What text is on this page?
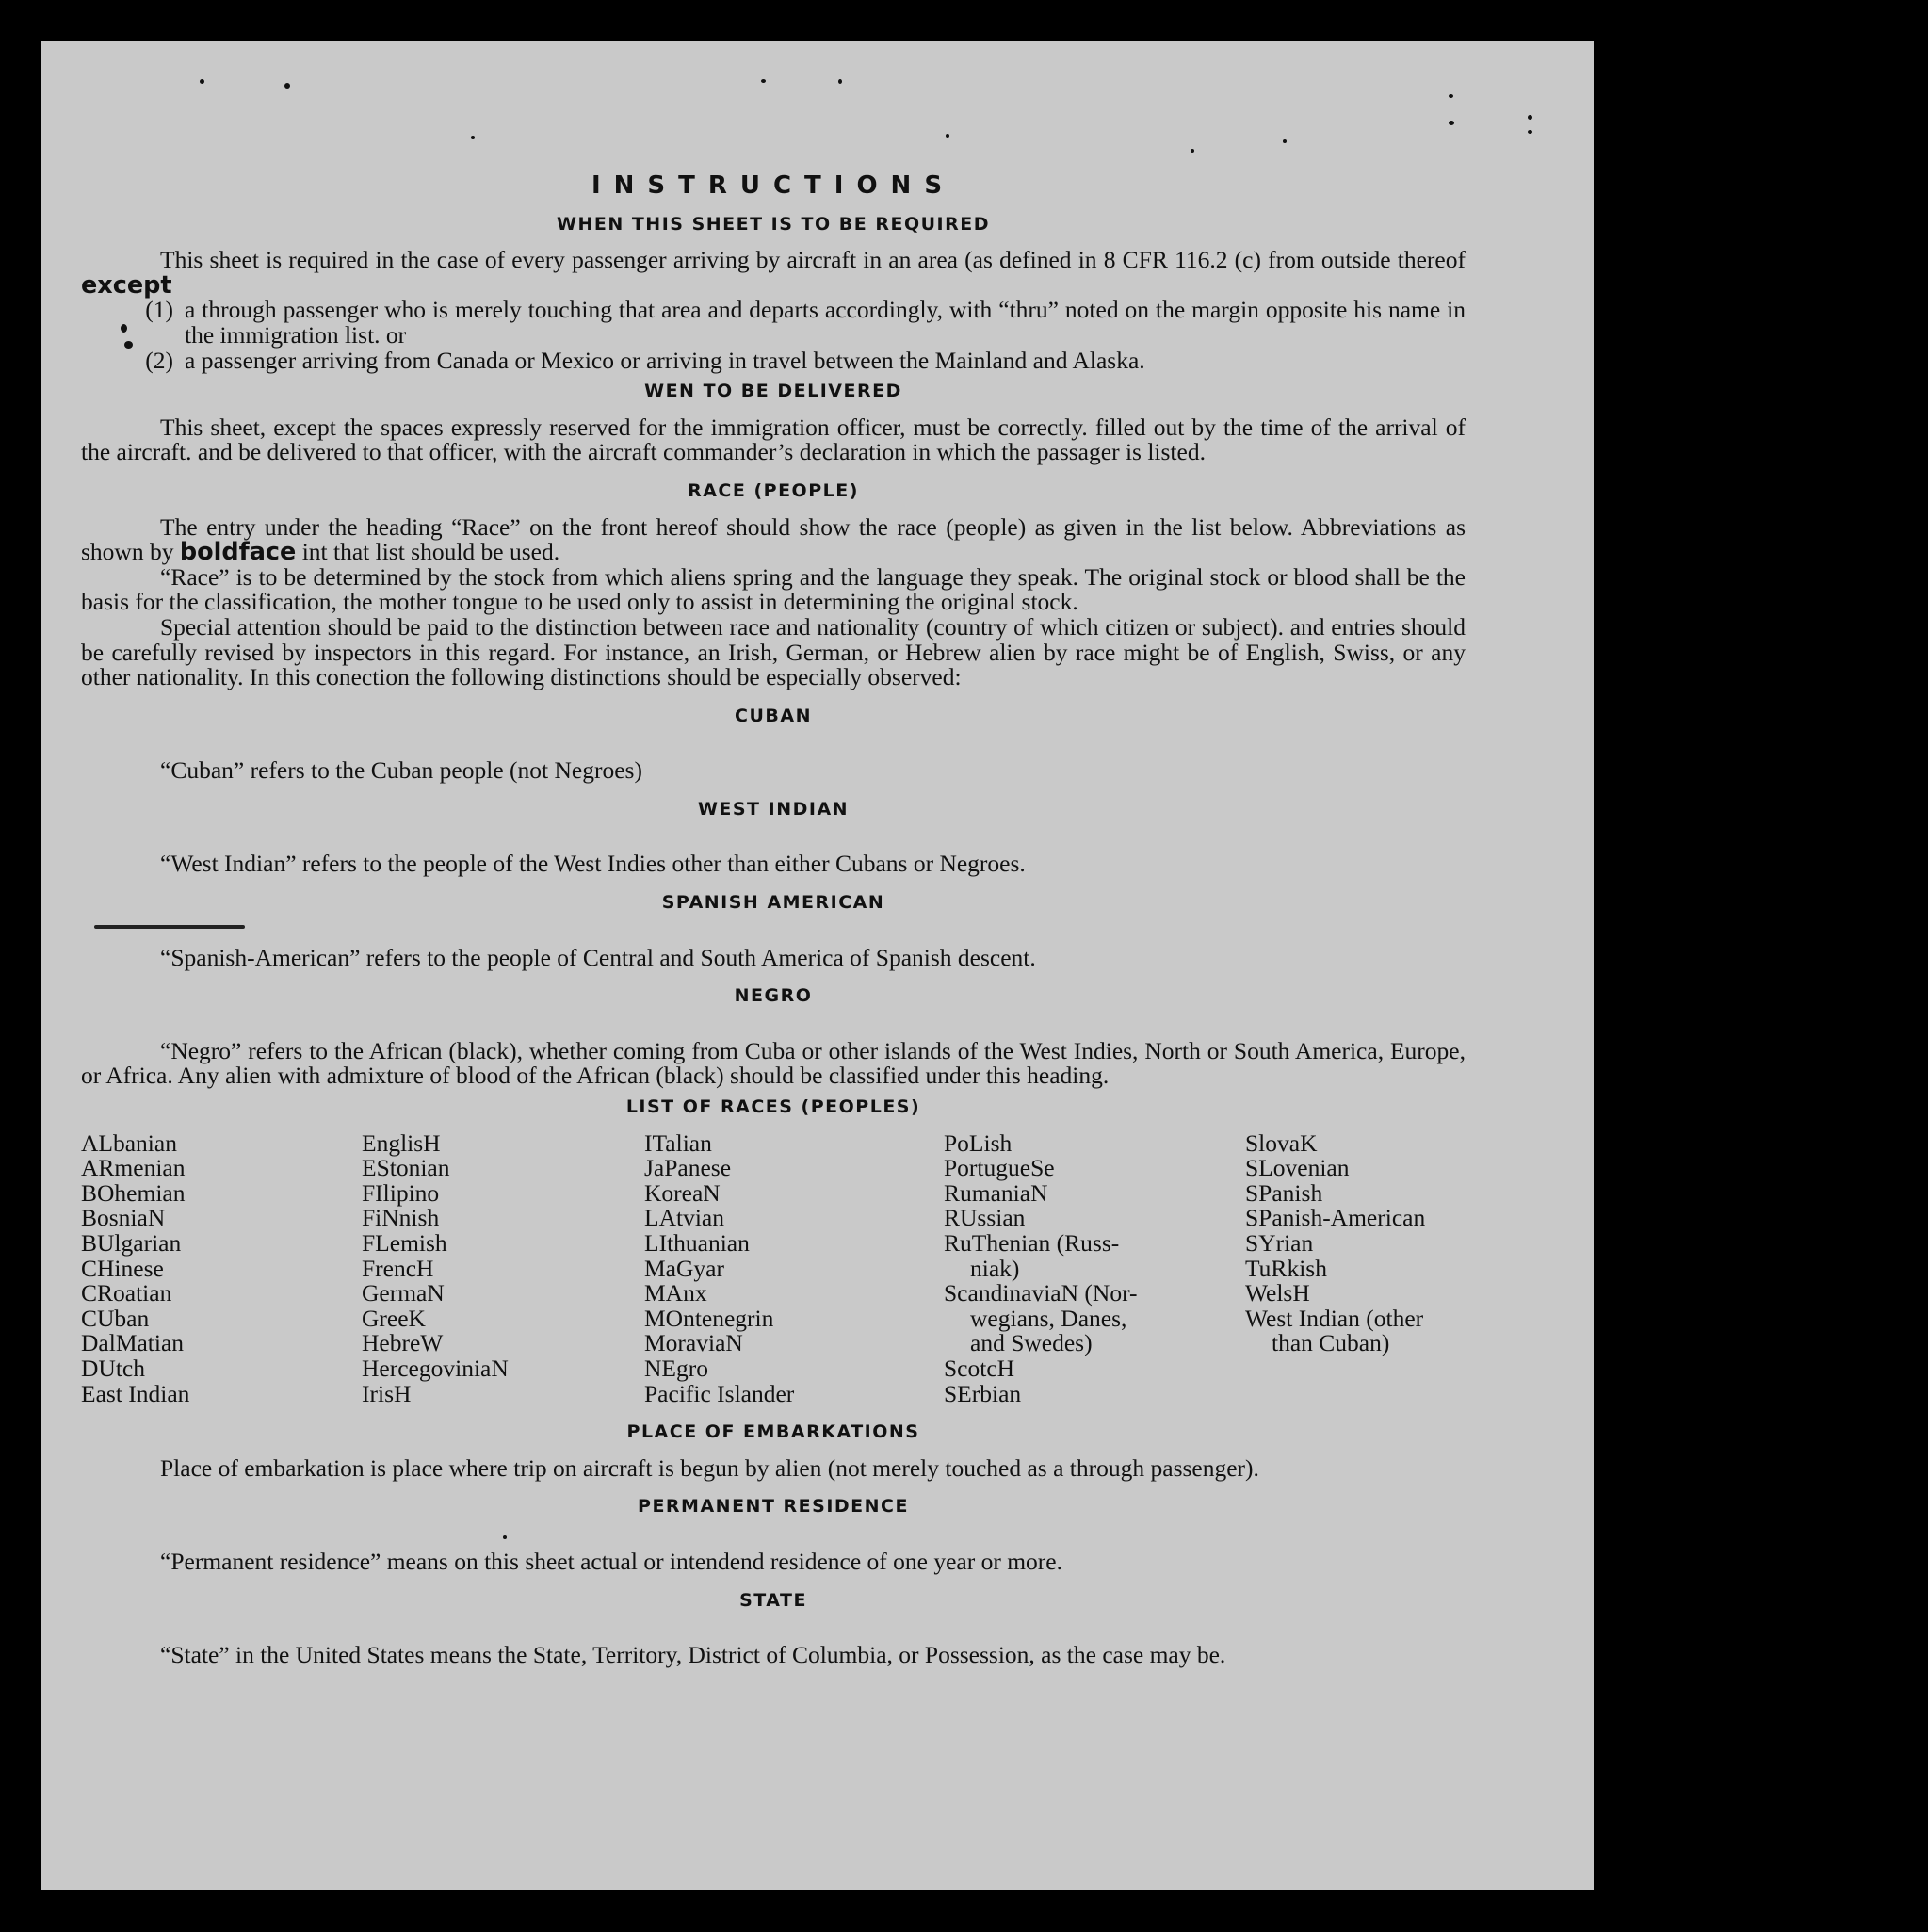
INSTRUCTIONS
WHEN THIS SHEET IS TO BE REQUIRED

This sheet is required in the case of every passenger arriving by aircraft in an area (as defined in 8 CFR 116.2 (c) from outside thereof except

(1) a through passenger who is merely touching that area and departs accordingly, with “thru” noted on the margin opposite his name in the immigration list. or
(2) a passenger arriving from Canada or Mexico or arriving in travel between the Mainland and Alaska.
WEN TO BE DELIVERED

This sheet, except the spaces expressly reserved for the immigration officer, must be correctly. filled out by the time of the arrival of the aircraft. and be delivered to that officer, with the aircraft commander’s declaration in which the passager is listed.

RACE (PEOPLE)

The entry under the heading “Race” on the front hereof should show the race (people) as given in the list below. Abbreviations as shown by boldface int that list should be used.

“Race” is to be determined by the stock from which aliens spring and the language they speak. The original stock or blood shall be the basis for the classification, the mother tongue to be used only to assist in determining the original stock.

Special attention should be paid to the distinction between race and nationality (country of which citizen or subject). and entries should be carefully revised by inspectors in this regard. For instance, an Irish, German, or Hebrew alien by race might be of English, Swiss, or any other nationality. In this conection the following distinctions should be especially observed:

CUBAN

“Cuban” refers to the Cuban people (not Negroes)

WEST INDIAN

“West Indian” refers to the people of the West Indies other than either Cubans or Negroes.

SPANISH AMERICAN

“Spanish-American” refers to the people of Central and South America of Spanish descent.

NEGRO

“Negro” refers to the African (black), whether coming from Cuba or other islands of the West Indies, North or South America, Europe, or Africa. Any alien with admixture of blood of the African (black) should be classified under this heading.

LIST OF RACES (PEOPLES)
ALbanian
ARmenian
BOhemian
BosniaN
BUlgarian
CHinese
CRoatian
CUban
DalMatian
DUtch
East Indian
EnglisH
EStonian
FIlipino
FiNnish
FLemish
FrencH
GermaN
GreeK
HebreW
HercegoviniaN
IrisH
ITalian
JaPanese
KoreaN
LAtvian
LIthuanian
MaGyar
MAnx
MOntenegrin
MoraviaN
NEgro
Pacific Islander
PoLish
PortugueSe
RumaniaN
RUssian
RuThenian (Russ-
niak)
ScandinaviaN (Nor-
wegians, Danes,
and Swedes)
ScotcH
SErbian
SlovaK
SLovenian
SPanish
SPanish-American
SYrian
TuRkish
WelsH
West Indian (other
than Cuban)
PLACE OF EMBARKATIONS

Place of embarkation is place where trip on aircraft is begun by alien (not merely touched as a through passenger).

PERMANENT RESIDENCE

“Permanent residence” means on this sheet actual or intendend residence of one year or more.

STATE

“State” in the United States means the State, Territory, District of Columbia, or Possession, as the case may be.
